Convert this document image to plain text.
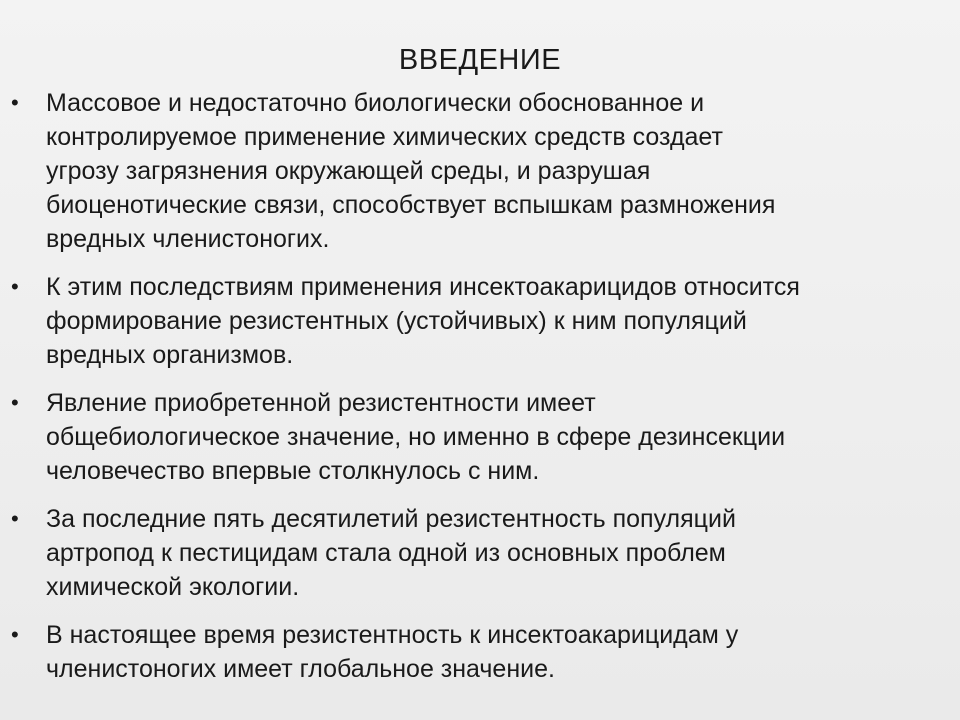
ВВЕДЕНИЕ
• Массовое и недостаточно биологически обоснованное и
контролируемое применение химических средств создает
угрозу загрязнения окружающей среды, и разрушая
биоценотические связи, способствует вспышкам размножения
вредных членистоногих.
• К этим последствиям применения инсектоакарицидов относится
формирование резистентных (устойчивых) к ним популяций
вредных организмов.
• Явление приобретенной резистентности имеет
общебиологическое значение, но именно в сфере дезинсекции
человечество впервые столкнулось с ним.
• За последние пять десятилетий резистентность популяций
артропод к пестицидам стала одной из основных проблем
химической экологии.
• В настоящее время резистентность к инсектоакарицидам у
членистоногих имеет глобальное значение.
